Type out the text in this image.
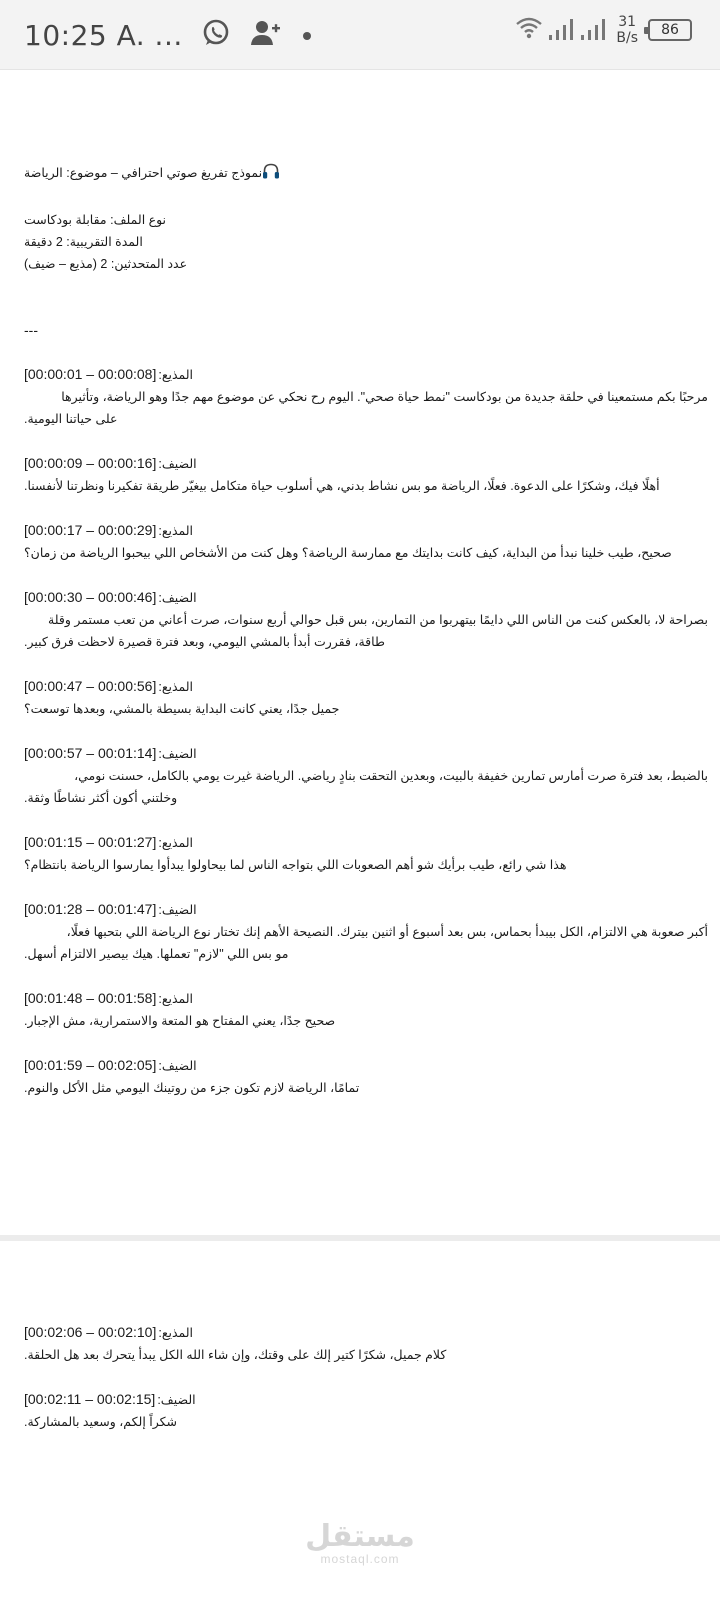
10:25 A. ...	31
B/s 86
نموذج تفريغ صوتي احترافي – موضوع: الرياضة
نوع الملف: مقابلة بودكاست
المدة التقريبية: 2 دقيقة
عدد المتحدثين: 2 (مذيع – ضيف)
---
[00:00:01 – 00:00:08] المذيع:
مرحبًا بكم مستمعينا في حلقة جديدة من بودكاست "نمط حياة صحي". اليوم رح نحكي عن موضوع مهم جدًا وهو الرياضة، وتأثيرها
على حياتنا اليومية.
[00:00:09 – 00:00:16] الضيف:
أهلًا فيك، وشكرًا على الدعوة. فعلًا، الرياضة مو بس نشاط بدني، هي أسلوب حياة متكامل بيغيّر طريقة تفكيرنا ونظرتنا لأنفسنا.
[00:00:17 – 00:00:29] المذيع:
صحيح، طيب خلينا نبدأ من البداية، كيف كانت بدايتك مع ممارسة الرياضة؟ وهل كنت من الأشخاص اللي بيحبوا الرياضة من زمان؟
[00:00:30 – 00:00:46] الضيف:
بصراحة لا، بالعكس كنت من الناس اللي دايمًا بيتهربوا من التمارين، بس قبل حوالي أربع سنوات، صرت أعاني من تعب مستمر وقلة
طاقة، فقررت أبدأ بالمشي اليومي، وبعد فترة قصيرة لاحظت فرق كبير.
[00:00:47 – 00:00:56] المذيع:
جميل جدًا، يعني كانت البداية بسيطة بالمشي، وبعدها توسعت؟
[00:00:57 – 00:01:14] الضيف:
بالضبط، بعد فترة صرت أمارس تمارين خفيفة بالبيت، وبعدين التحقت بنادٍ رياضي. الرياضة غيرت يومي بالكامل، حسنت نومي،
وخلتني أكون أكثر نشاطًا وثقة.
[00:01:15 – 00:01:27] المذيع:
هذا شي رائع، طيب برأيك شو أهم الصعوبات اللي بتواجه الناس لما بيحاولوا يبدأوا يمارسوا الرياضة بانتظام؟
[00:01:28 – 00:01:47] الضيف:
أكبر صعوبة هي الالتزام، الكل بيبدأ بحماس، بس بعد أسبوع أو اثنين بيترك. النصيحة الأهم إنك تختار نوع الرياضة اللي بتحبها فعلًا،
مو بس اللي "لازم" تعملها. هيك بيصير الالتزام أسهل.
[00:01:48 – 00:01:58] المذيع:
صحيح جدًا، يعني المفتاح هو المتعة والاستمرارية، مش الإجبار.
[00:01:59 – 00:02:05] الضيف:
تمامًا، الرياضة لازم تكون جزء من روتينك اليومي مثل الأكل والنوم.
[00:02:06 – 00:02:10] المذيع:
كلام جميل، شكرًا كتير إلك على وقتك، وإن شاء الله الكل يبدأ يتحرك بعد هل الحلقة.
[00:02:11 – 00:02:15] الضيف:
شكراً إلكم، وسعيد بالمشاركة.
مستقل
mostaql.com
